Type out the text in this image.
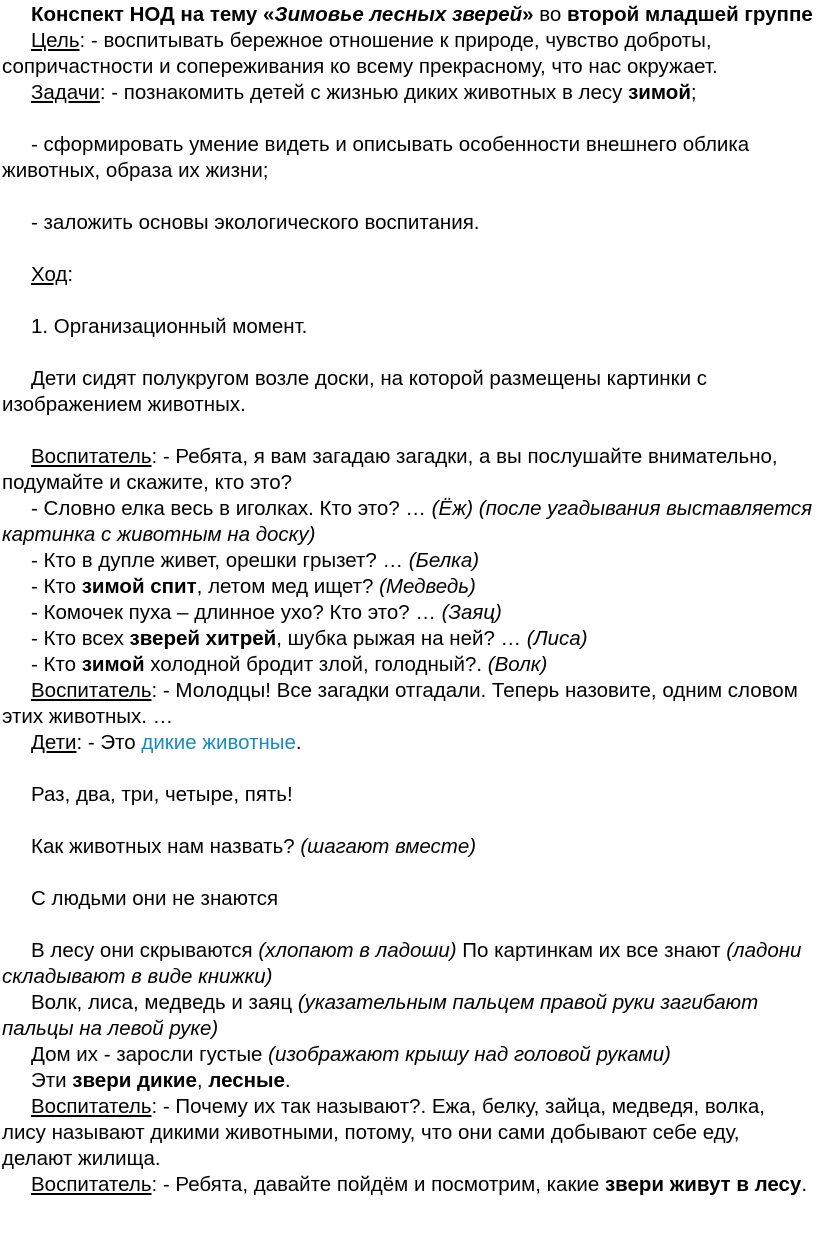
Конспект НОД на тему «Зимовье лесных зверей» во второй младшей группе

Цель: - воспитывать бережное отношение к природе, чувство доброты, сопричастности и сопереживания ко всему прекрасному, что нас окружает.

Задачи: - познакомить детей с жизнью диких животных в лесу зимой;

- сформировать умение видеть и описывать особенности внешнего облика животных, образа их жизни;

- заложить основы экологического воспитания.

Ход:

1. Организационный момент.

Дети сидят полукругом возле доски, на которой размещены картинки с изображением животных.

Воспитатель: - Ребята, я вам загадаю загадки, а вы послушайте внимательно, подумайте и скажите, кто это?

- Словно елка весь в иголках. Кто это? … (Ёж) (после угадывания выставляется картинка с животным на доску)

- Кто в дупле живет, орешки грызет? … (Белка)

- Кто зимой спит, летом мед ищет? (Медведь)

- Комочек пуха – длинное ухо? Кто это? … (Заяц)

- Кто всех зверей хитрей, шубка рыжая на ней? … (Лиса)

- Кто зимой холодной бродит злой, голодный?. (Волк)

Воспитатель: - Молодцы! Все загадки отгадали. Теперь назовите, одним словом этих животных. …

Дети: - Это дикие животные.

Раз, два, три, четыре, пять!

Как животных нам назвать? (шагают вместе)

С людьми они не знаются

В лесу они скрываются (хлопают в ладоши) По картинкам их все знают (ладони складывают в виде книжки)

Волк, лиса, медведь и заяц (указательным пальцем правой руки загибают пальцы на левой руке)

Дом их - заросли густые (изображают крышу над головой руками)

Эти звери дикие, лесные.

Воспитатель: - Почему их так называют?. Ежа, белку, зайца, медведя, волка, лису называют дикими животными, потому, что они сами добывают себе еду, делают жилища.

Воспитатель: - Ребята, давайте пойдём и посмотрим, какие звери живут в лесу.
